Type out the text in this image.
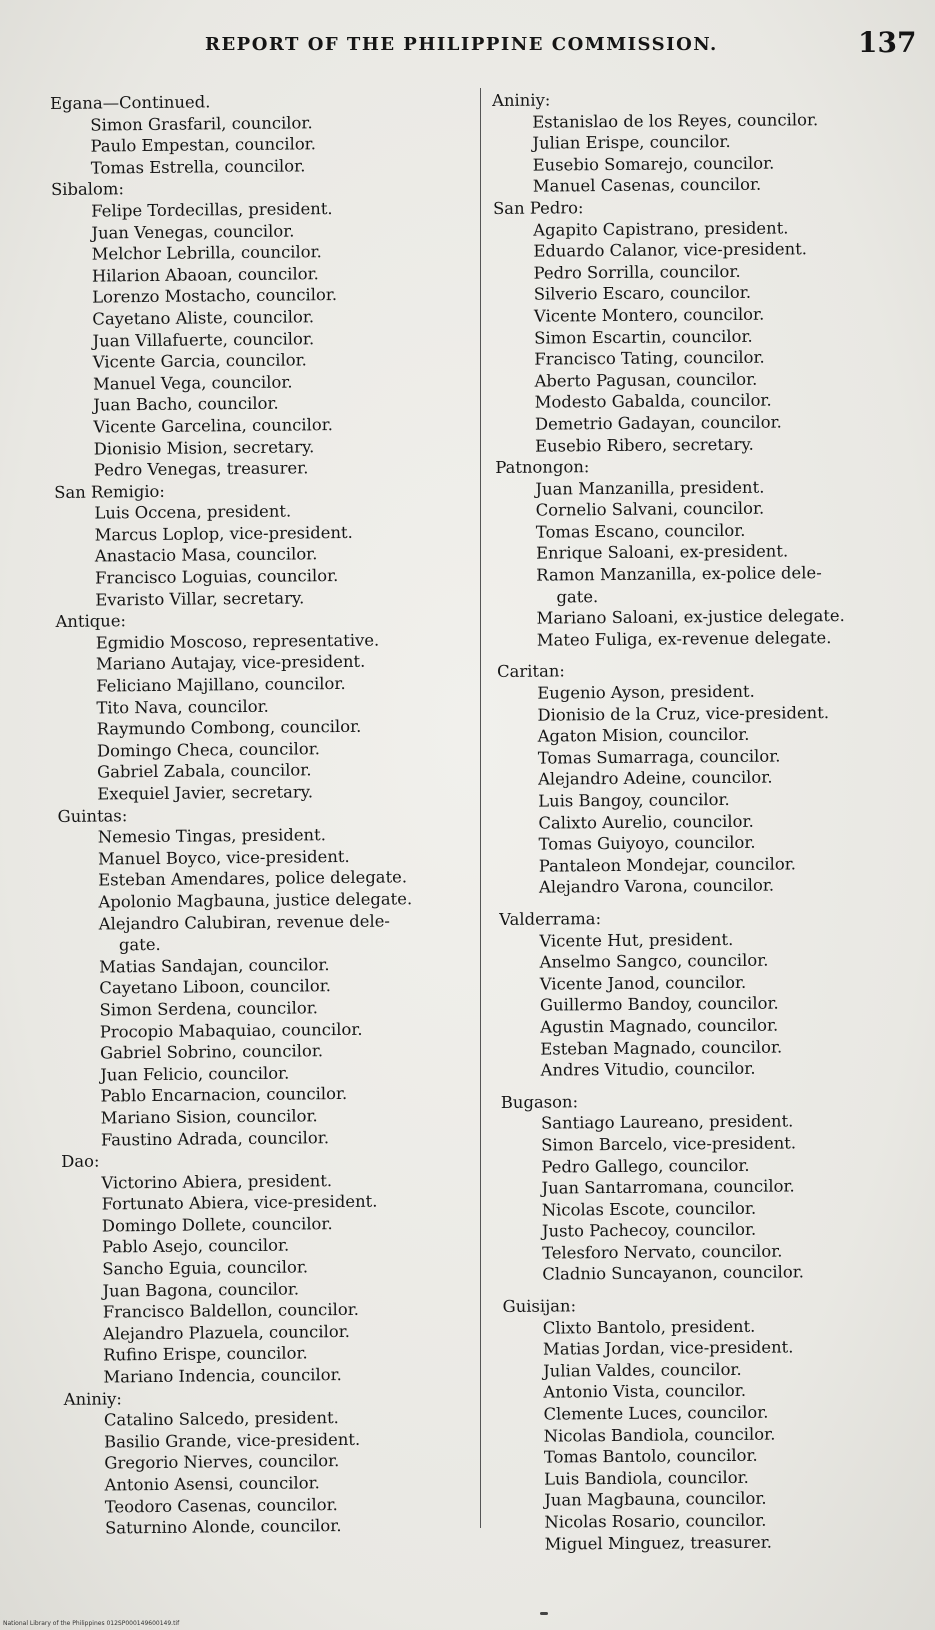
REPORT OF THE PHILIPPINE COMMISSION.	137
Egana—Continued.
Simon Grasfaril, councilor.
Paulo Empestan, councilor.
Tomas Estrella, councilor.
Sibalom:
Felipe Tordecillas, president.
Juan Venegas, councilor.
Melchor Lebrilla, councilor.
Hilarion Abaoan, councilor.
Lorenzo Mostacho, councilor.
Cayetano Aliste, councilor.
Juan Villafuerte, councilor.
Vicente Garcia, councilor.
Manuel Vega, councilor.
Juan Bacho, councilor.
Vicente Garcelina, councilor.
Dionisio Mision, secretary.
Pedro Venegas, treasurer.
San Remigio:
Luis Occena, president.
Marcus Loplop, vice-president.
Anastacio Masa, councilor.
Francisco Loguias, councilor.
Evaristo Villar, secretary.
Antique:
Egmidio Moscoso, representative.
Mariano Autajay, vice-president.
Feliciano Majillano, councilor.
Tito Nava, councilor.
Raymundo Combong, councilor.
Domingo Checa, councilor.
Gabriel Zabala, councilor.
Exequiel Javier, secretary.
Guintas:
Nemesio Tingas, president.
Manuel Boyco, vice-president.
Esteban Amendares, police delegate.
Apolonio Magbauna, justice delegate.
Alejandro Calubiran, revenue dele-
gate.
Matias Sandajan, councilor.
Cayetano Liboon, councilor.
Simon Serdena, councilor.
Procopio Mabaquiao, councilor.
Gabriel Sobrino, councilor.
Juan Felicio, councilor.
Pablo Encarnacion, councilor.
Mariano Sision, councilor.
Faustino Adrada, councilor.
Dao:
Victorino Abiera, president.
Fortunato Abiera, vice-president.
Domingo Dollete, councilor.
Pablo Asejo, councilor.
Sancho Eguia, councilor.
Juan Bagona, councilor.
Francisco Baldellon, councilor.
Alejandro Plazuela, councilor.
Rufino Erispe, councilor.
Mariano Indencia, councilor.
Aniniy:
Catalino Salcedo, president.
Basilio Grande, vice-president.
Gregorio Nierves, councilor.
Antonio Asensi, councilor.
Teodoro Casenas, councilor.
Saturnino Alonde, councilor.
Aniniy:
Estanislao de los Reyes, councilor.
Julian Erispe, councilor.
Eusebio Somarejo, councilor.
Manuel Casenas, councilor.
San Pedro:
Agapito Capistrano, president.
Eduardo Calanor, vice-president.
Pedro Sorrilla, councilor.
Silverio Escaro, councilor.
Vicente Montero, councilor.
Simon Escartin, councilor.
Francisco Tating, councilor.
Aberto Pagusan, councilor.
Modesto Gabalda, councilor.
Demetrio Gadayan, councilor.
Eusebio Ribero, secretary.
Patnongon:
Juan Manzanilla, president.
Cornelio Salvani, councilor.
Tomas Escano, councilor.
Enrique Saloani, ex-president.
Ramon Manzanilla, ex-police dele-
gate.
Mariano Saloani, ex-justice delegate.
Mateo Fuliga, ex-revenue delegate.
Caritan:
Eugenio Ayson, president.
Dionisio de la Cruz, vice-president.
Agaton Mision, councilor.
Tomas Sumarraga, councilor.
Alejandro Adeine, councilor.
Luis Bangoy, councilor.
Calixto Aurelio, councilor.
Tomas Guiyoyo, councilor.
Pantaleon Mondejar, councilor.
Alejandro Varona, councilor.
Valderrama:
Vicente Hut, president.
Anselmo Sangco, councilor.
Vicente Janod, councilor.
Guillermo Bandoy, councilor.
Agustin Magnado, councilor.
Esteban Magnado, councilor.
Andres Vitudio, councilor.
Bugason:
Santiago Laureano, president.
Simon Barcelo, vice-president.
Pedro Gallego, councilor.
Juan Santarromana, councilor.
Nicolas Escote, councilor.
Justo Pachecoy, councilor.
Telesforo Nervato, councilor.
Cladnio Suncayanon, councilor.
Guisijan:
Clixto Bantolo, president.
Matias Jordan, vice-president.
Julian Valdes, councilor.
Antonio Vista, councilor.
Clemente Luces, councilor.
Nicolas Bandiola, councilor.
Tomas Bantolo, councilor.
Luis Bandiola, councilor.
Juan Magbauna, councilor.
Nicolas Rosario, councilor.
Miguel Minguez, treasurer.
National Library of the Philippines 012SP000149600149.tif
